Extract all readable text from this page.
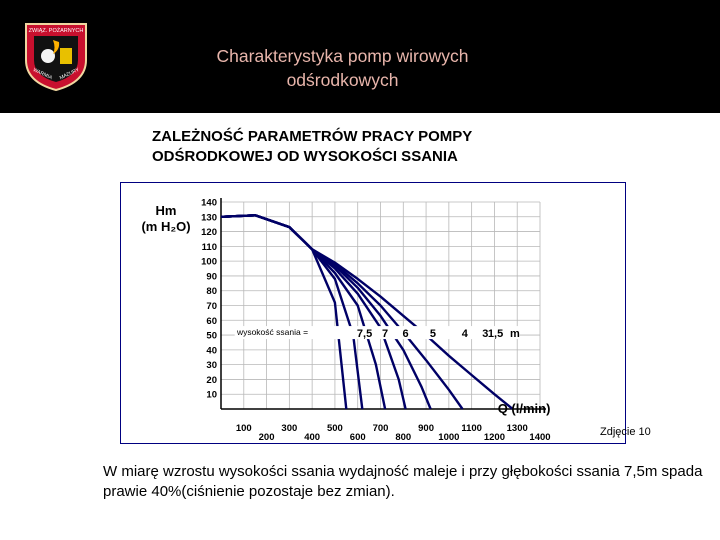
ZWIĄZ. POŻARNYCH
WARMIA MAZURY
Charakterystyka pomp wirowych
odśrodkowych
ZALEŻNOŚĆ PARAMETRÓW PRACY POMPY
ODŚRODKOWEJ OD WYSOKOŚCI SSANIA
10
20
30
40
50
60
70
80
90
100
110
120
130
140
100	300	500	700	900	1100	1300
200	400	600	800	1000	1200	1400
Hm
(m H₂O)
Q (l/min)
wysokość ssania =	7,5 7 6 5 4 3 1,5 m
Zdjęcie 10
W miarę wzrostu wysokości ssania wydajność maleje i przy głębokości ssania 7,5m spada prawie 40%(ciśnienie pozostaje bez zmian).
